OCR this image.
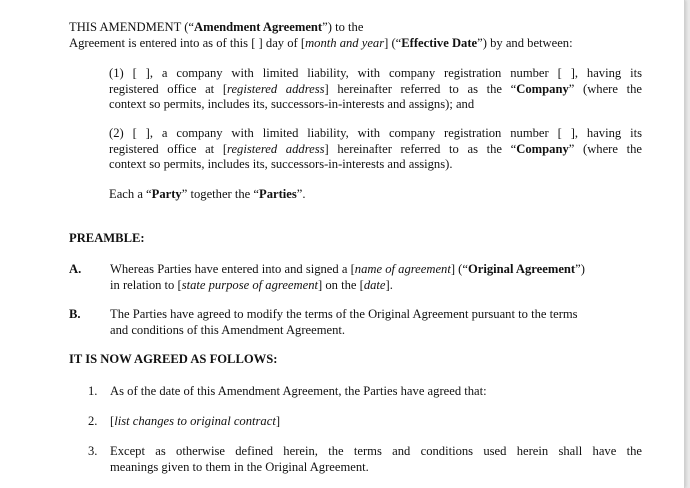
THIS AMENDMENT (“Amendment Agreement”) to the
Agreement is entered into as of this [ ] day of [month and year] (“Effective Date”) by and between:
(1) [ ], a company with limited liability, with company registration number [ ], having its
registered office at [registered address] hereinafter referred to as the “Company” (where the
context so permits, includes its, successors-in-interests and assigns); and
(2) [ ], a company with limited liability, with company registration number [ ], having its
registered office at [registered address] hereinafter referred to as the “Company” (where the
context so permits, includes its, successors-in-interests and assigns).
Each a “Party” together the “Parties”.
PREAMBLE:
A. Whereas Parties have entered into and signed a [name of agreement] (“Original Agreement”)
in relation to [state purpose of agreement] on the [date].
B. The Parties have agreed to modify the terms of the Original Agreement pursuant to the terms
and conditions of this Amendment Agreement.
IT IS NOW AGREED AS FOLLOWS:
1. As of the date of this Amendment Agreement, the Parties have agreed that:
2. [list changes to original contract]
3. Except as otherwise defined herein, the terms and conditions used herein shall have the
meanings given to them in the Original Agreement.
